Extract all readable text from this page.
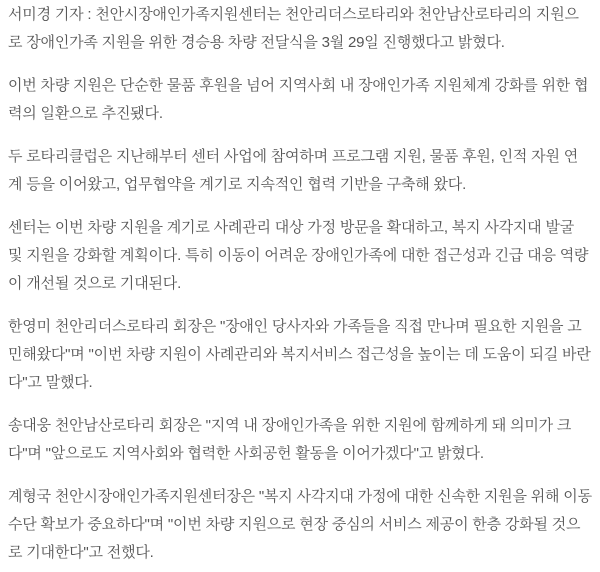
서미경 기자 : 천안시장애인가족지원센터는 천안리더스로타리와 천안남산로타리의 지원으로 장애인가족 지원을 위한 경승용 차량 전달식을 3월 29일 진행했다고 밝혔다.

이번 차량 지원은 단순한 물품 후원을 넘어 지역사회 내 장애인가족 지원체계 강화를 위한 협력의 일환으로 추진됐다.

두 로타리클럽은 지난해부터 센터 사업에 참여하며 프로그램 지원, 물품 후원, 인적 자원 연계 등을 이어왔고, 업무협약을 계기로 지속적인 협력 기반을 구축해 왔다.

센터는 이번 차량 지원을 계기로 사례관리 대상 가정 방문을 확대하고, 복지 사각지대 발굴 및 지원을 강화할 계획이다. 특히 이동이 어려운 장애인가족에 대한 접근성과 긴급 대응 역량이 개선될 것으로 기대된다.

한영미 천안리더스로타리 회장은 "장애인 당사자와 가족들을 직접 만나며 필요한 지원을 고민해왔다"며 "이번 차량 지원이 사례관리와 복지서비스 접근성을 높이는 데 도움이 되길 바란다"고 말했다.

송대웅 천안남산로타리 회장은 "지역 내 장애인가족을 위한 지원에 함께하게 돼 의미가 크다"며 "앞으로도 지역사회와 협력한 사회공헌 활동을 이어가겠다"고 밝혔다.

계형국 천안시장애인가족지원센터장은 "복지 사각지대 가정에 대한 신속한 지원을 위해 이동수단 확보가 중요하다"며 "이번 차량 지원으로 현장 중심의 서비스 제공이 한층 강화될 것으로 기대한다"고 전했다.
